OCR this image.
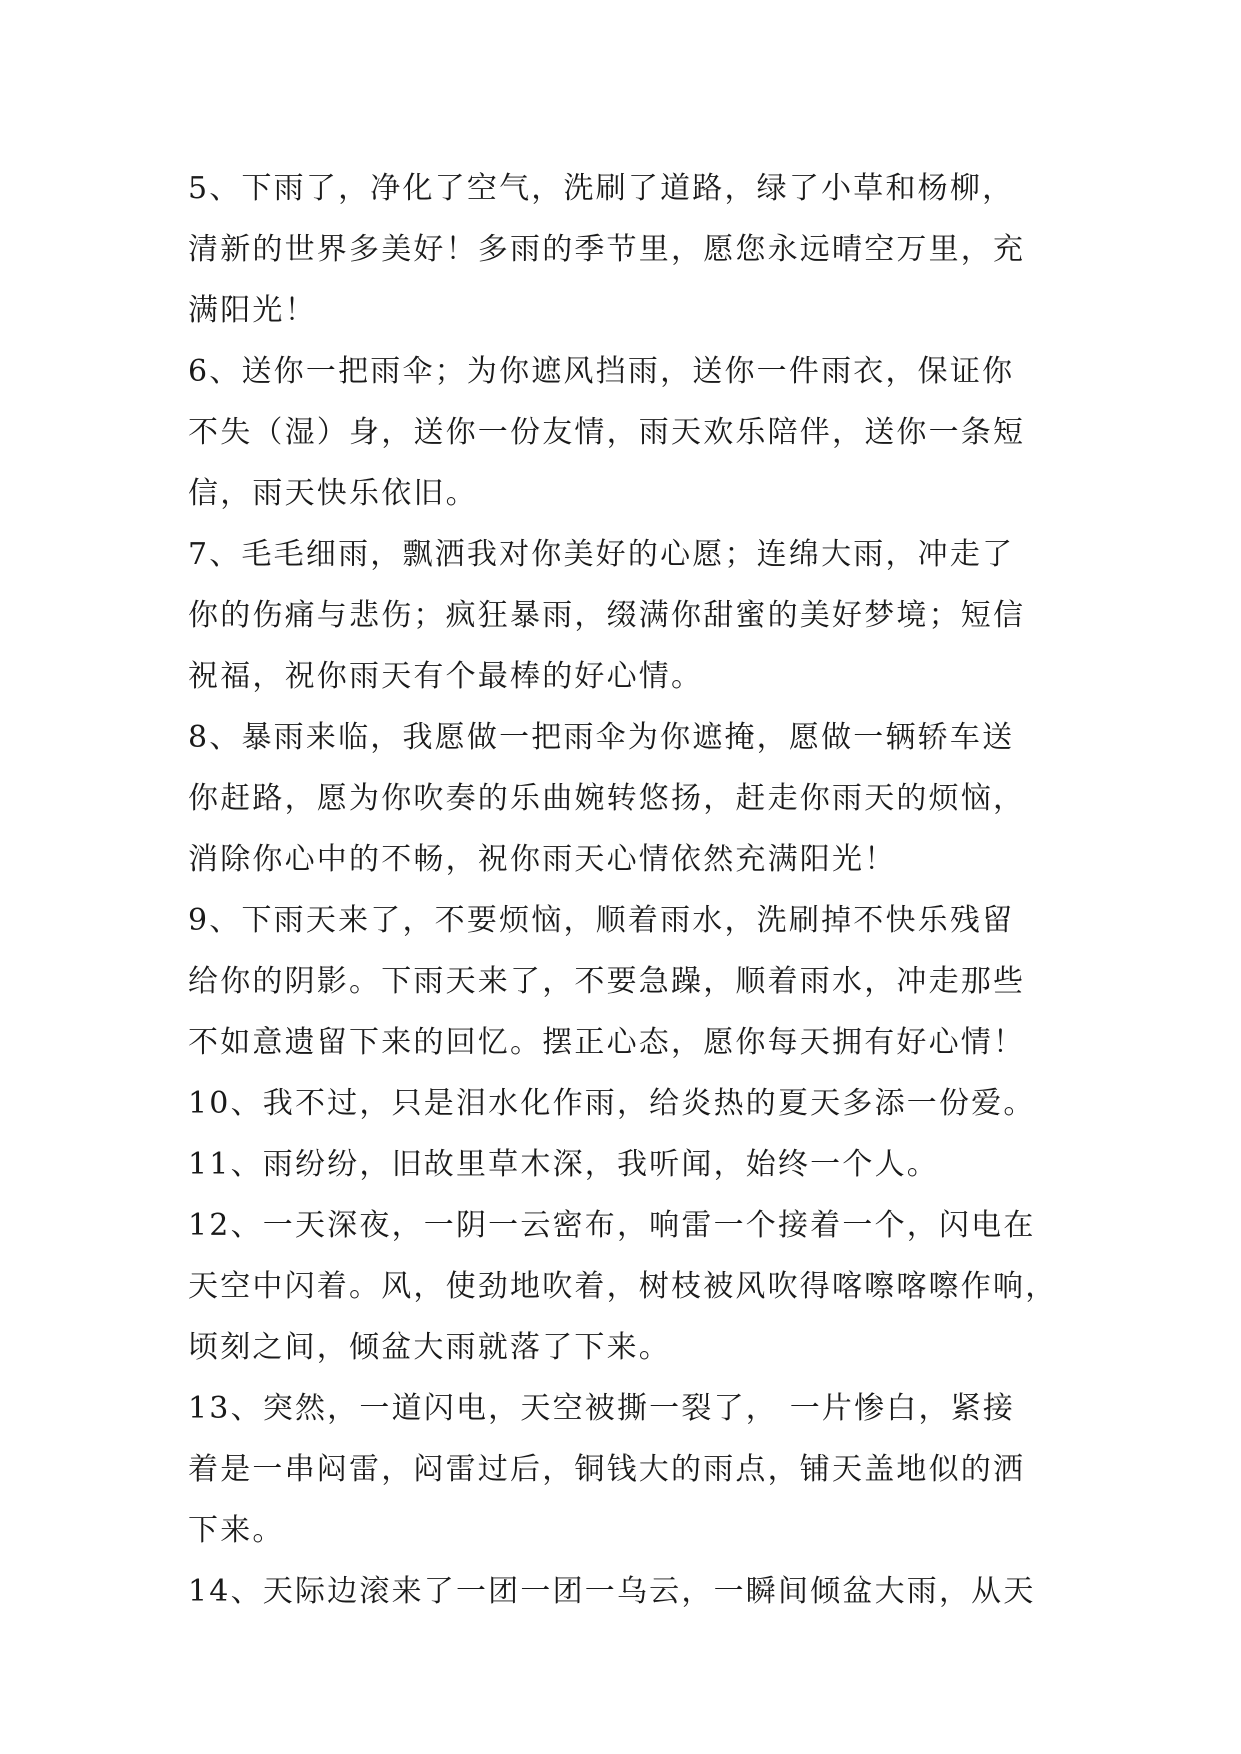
5、下雨了，净化了空气，洗刷了道路，绿了小草和杨柳，
清新的世界多美好！多雨的季节里，愿您永远晴空万里，充
满阳光！
6、送你一把雨伞；为你遮风挡雨，送你一件雨衣，保证你
不失（湿）身，送你一份友情，雨天欢乐陪伴，送你一条短
信，雨天快乐依旧。
7、毛毛细雨，飘洒我对你美好的心愿；连绵大雨，冲走了
你的伤痛与悲伤；疯狂暴雨，缀满你甜蜜的美好梦境；短信
祝福，祝你雨天有个最棒的好心情。
8、暴雨来临，我愿做一把雨伞为你遮掩，愿做一辆轿车送
你赶路，愿为你吹奏的乐曲婉转悠扬，赶走你雨天的烦恼，
消除你心中的不畅，祝你雨天心情依然充满阳光！
9、下雨天来了，不要烦恼，顺着雨水，洗刷掉不快乐残留
给你的阴影。下雨天来了，不要急躁，顺着雨水，冲走那些
不如意遗留下来的回忆。摆正心态，愿你每天拥有好心情！
10、我不过，只是泪水化作雨，给炎热的夏天多添一份爱。
11、雨纷纷，旧故里草木深，我听闻，始终一个人。
12、一天深夜，一阴一云密布，响雷一个接着一个，闪电在
天空中闪着。风，使劲地吹着，树枝被风吹得喀嚓喀嚓作响，
顷刻之间，倾盆大雨就落了下来。
13、突然，一道闪电，天空被撕一裂了， 一片惨白，紧接
着是一串闷雷，闷雷过后，铜钱大的雨点，铺天盖地似的洒
下来。
14、天际边滚来了一团一团一乌云，一瞬间倾盆大雨，从天
